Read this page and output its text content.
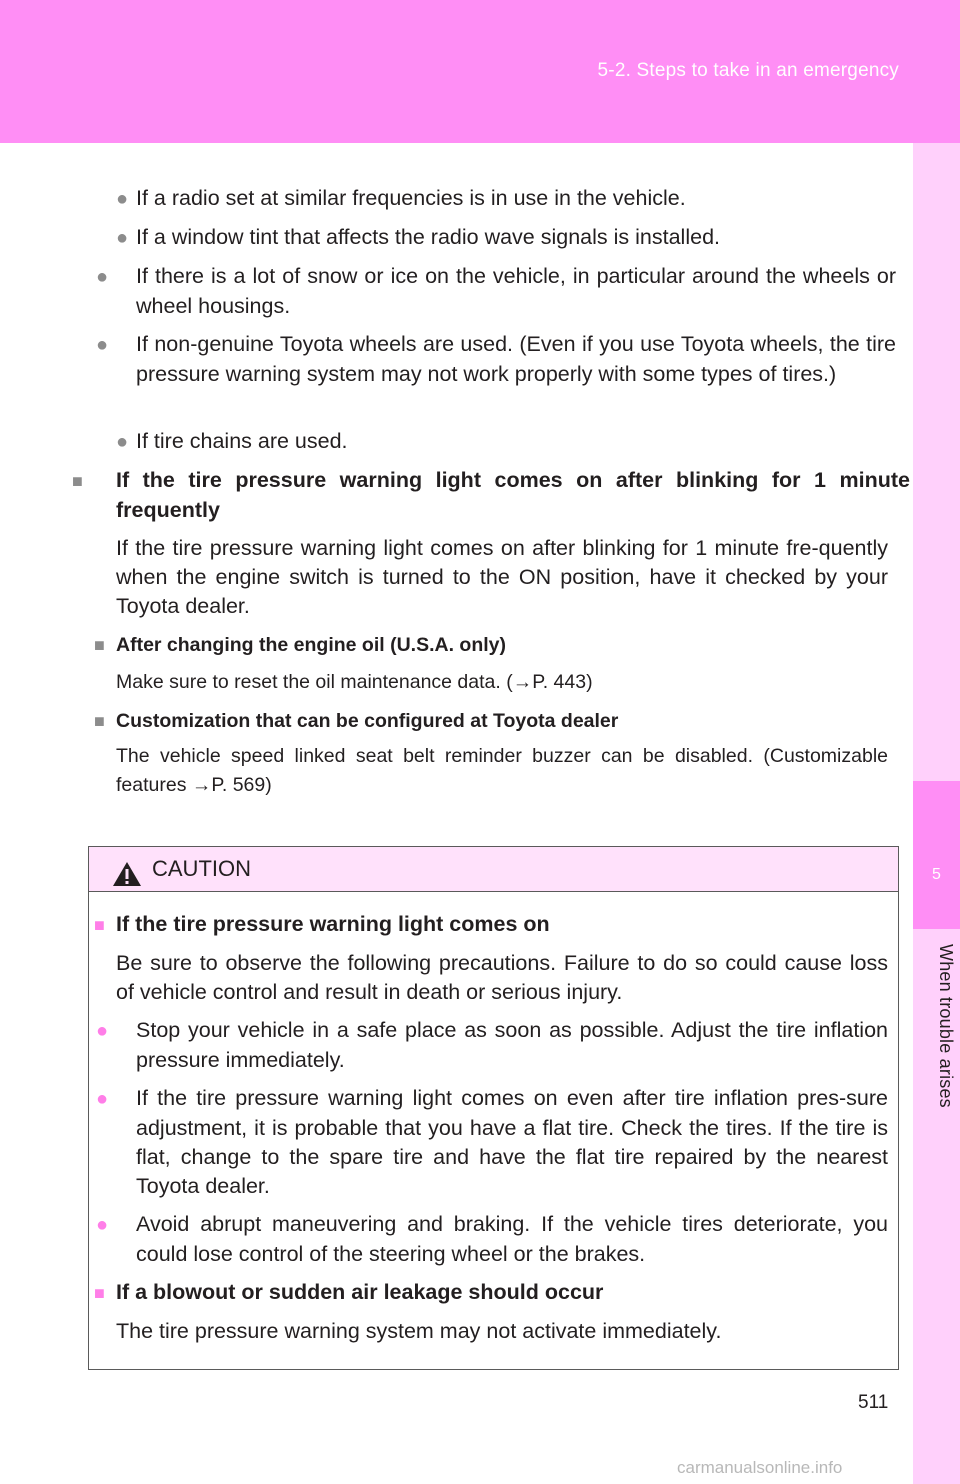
5-2. Steps to take in an emergency
5
When trouble arises
● If a radio set at similar frequencies is in use in the vehicle.
● If a window tint that affects the radio wave signals is installed.
● If there is a lot of snow or ice on the vehicle, in particular around the wheels or wheel housings.
● If non-genuine Toyota wheels are used. (Even if you use Toyota wheels, the tire pressure warning system may not work properly with some types of tires.)
● If tire chains are used.
■ If the tire pressure warning light comes on after blinking for 1 minute frequently
If the tire pressure warning light comes on after blinking for 1 minute fre-quently when the engine switch is turned to the ON position, have it checked by your Toyota dealer.
■ After changing the engine oil (U.S.A. only)
Make sure to reset the oil maintenance data. (→P. 443)
■ Customization that can be configured at Toyota dealer
The vehicle speed linked seat belt reminder buzzer can be disabled. (Customizable features →P. 569)
CAUTION
■ If the tire pressure warning light comes on
Be sure to observe the following precautions. Failure to do so could cause loss of vehicle control and result in death or serious injury.
● Stop your vehicle in a safe place as soon as possible. Adjust the tire inflation pressure immediately.
● If the tire pressure warning light comes on even after tire inflation pres-sure adjustment, it is probable that you have a flat tire. Check the tires. If the tire is flat, change to the spare tire and have the flat tire repaired by the nearest Toyota dealer.
● Avoid abrupt maneuvering and braking. If the vehicle tires deteriorate, you could lose control of the steering wheel or the brakes.
■ If a blowout or sudden air leakage should occur
The tire pressure warning system may not activate immediately.
511
carmanualsonline.info
